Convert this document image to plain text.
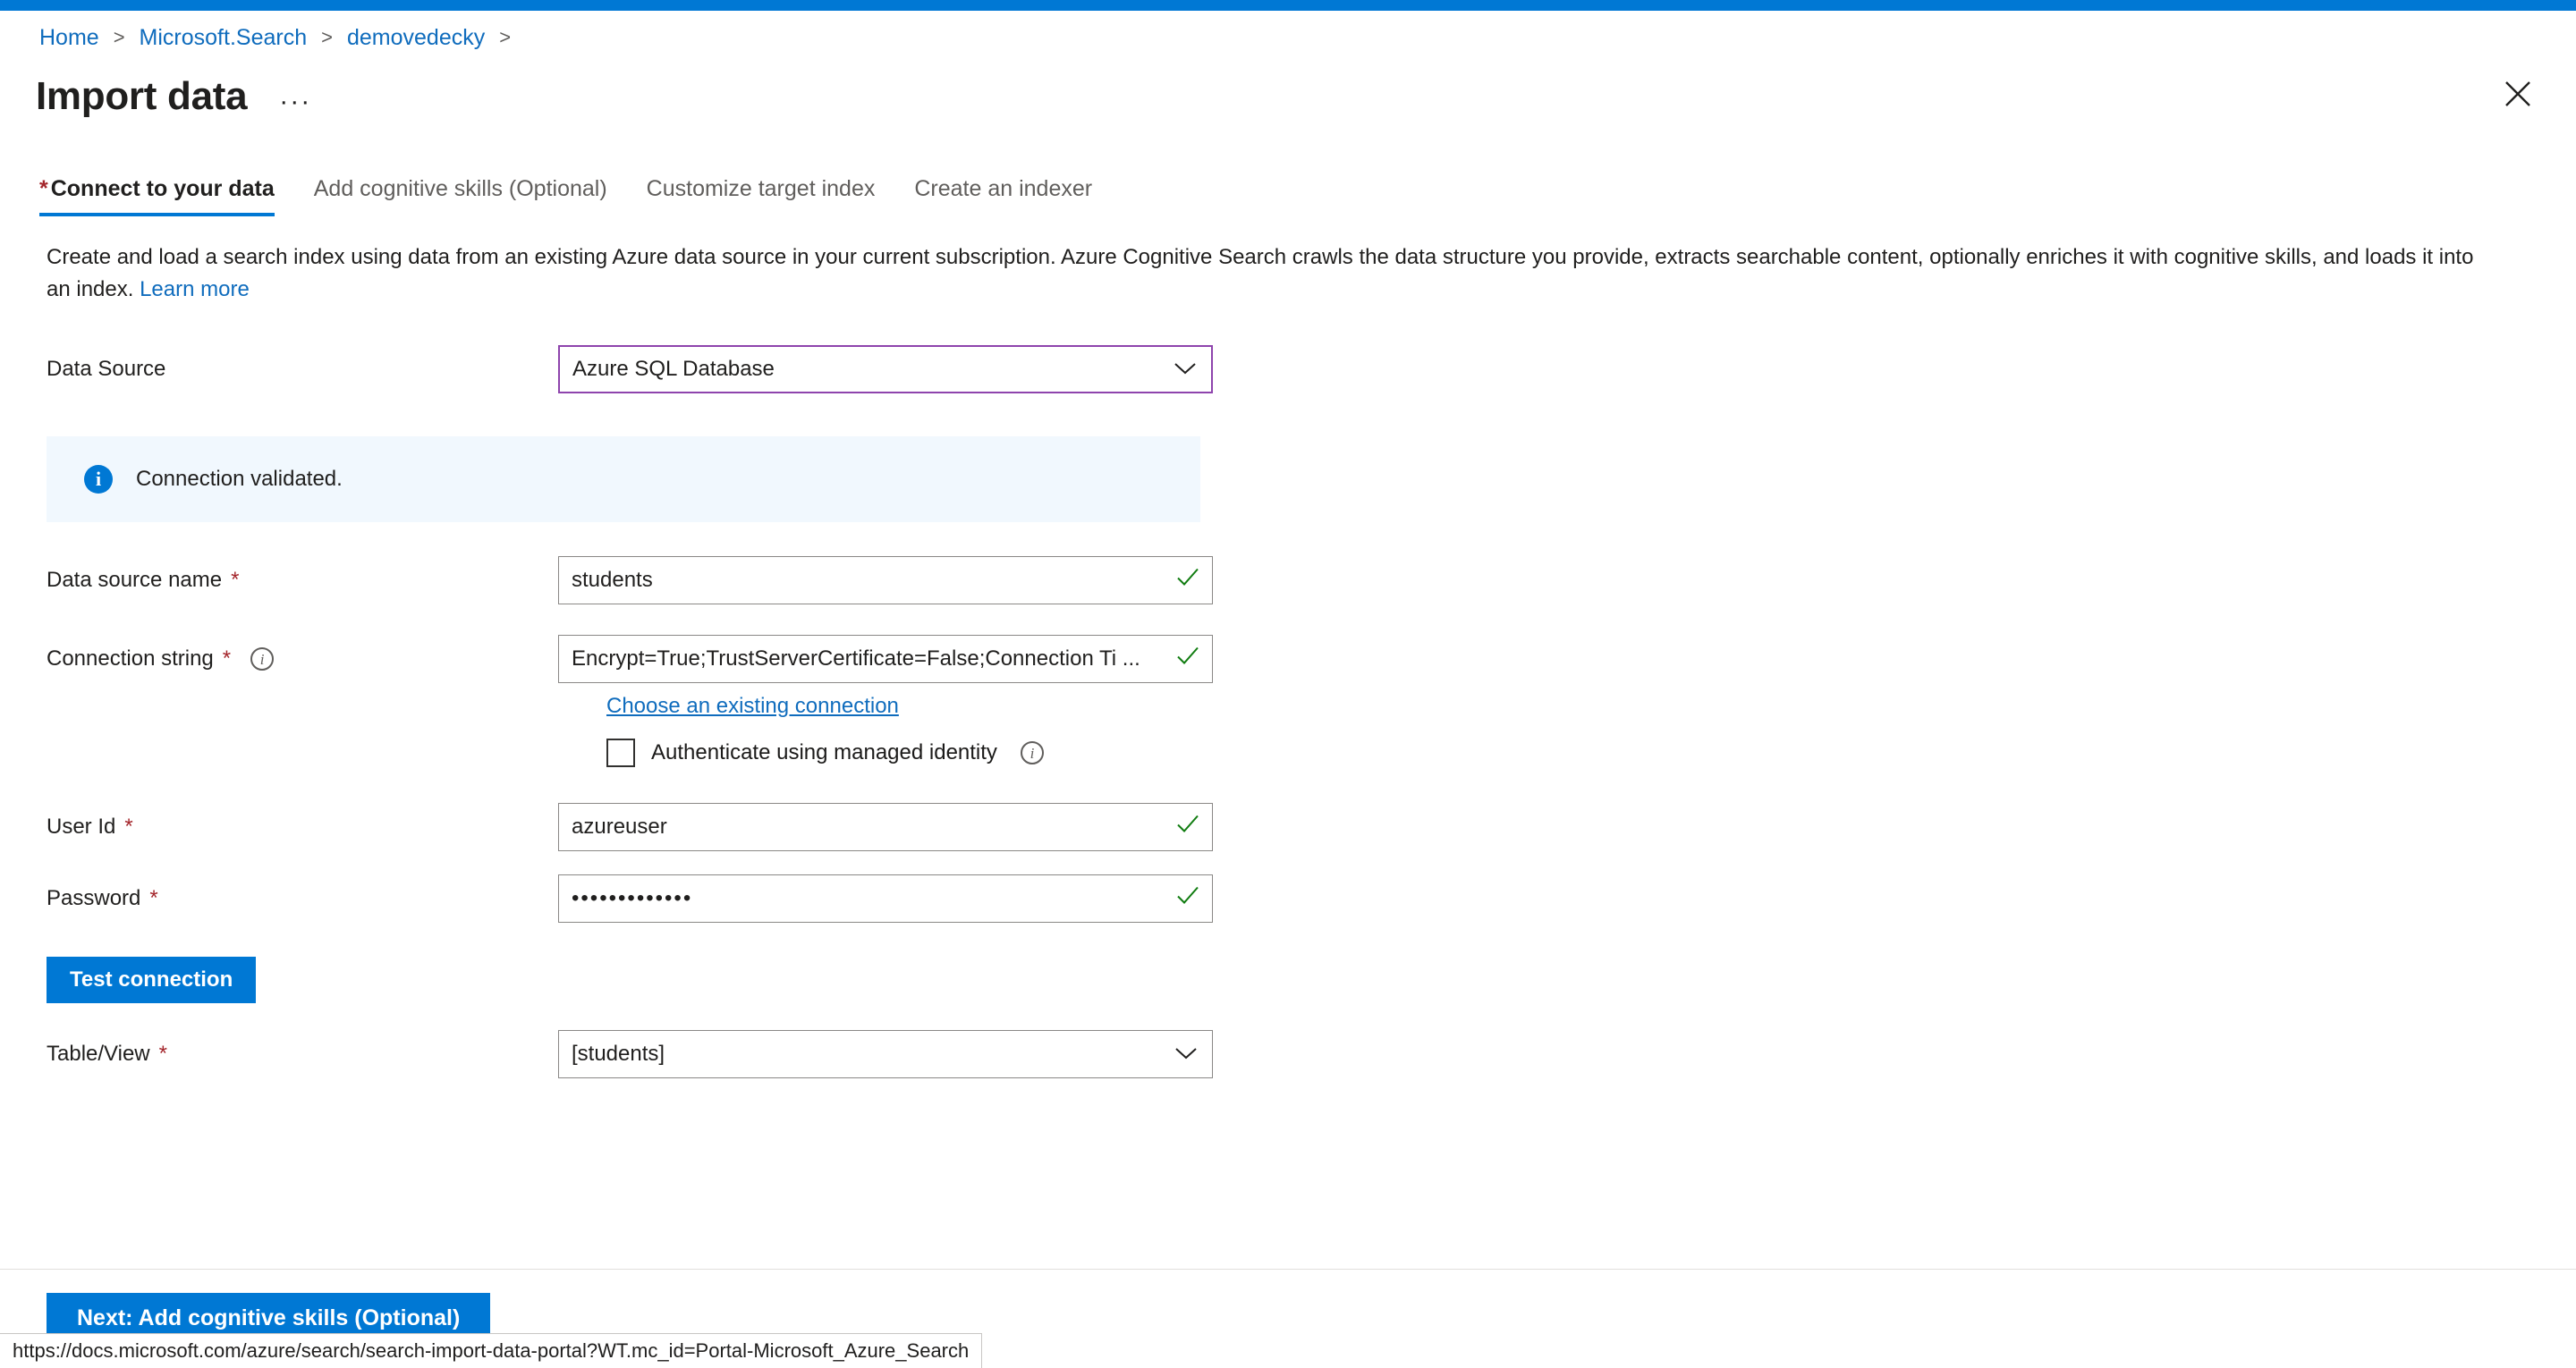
Home > Microsoft.Search > demovedecky >
Import data ···
* Connect to your data Add cognitive skills (Optional) Customize target index Create an indexer
Create and load a search index using data from an existing Azure data source in your current subscription. Azure Cognitive Search crawls the data structure you provide, extracts searchable content, optionally enriches it with cognitive skills, and loads it into an index. Learn more
Data Source	Azure SQL Database
i	Connection validated.
Data source name *	students
Connection string *	i	Encrypt=True;TrustServerCertificate=False;Connection Ti ...
Choose an existing connection
Authenticate using managed identity	i
User Id *	azureuser
Password *	•••••••••••••
Test connection
Table/View *	[students]
Next: Add cognitive skills (Optional)
https://docs.microsoft.com/azure/search/search-import-data-portal?WT.mc_id=Portal-Microsoft_Azure_Search
